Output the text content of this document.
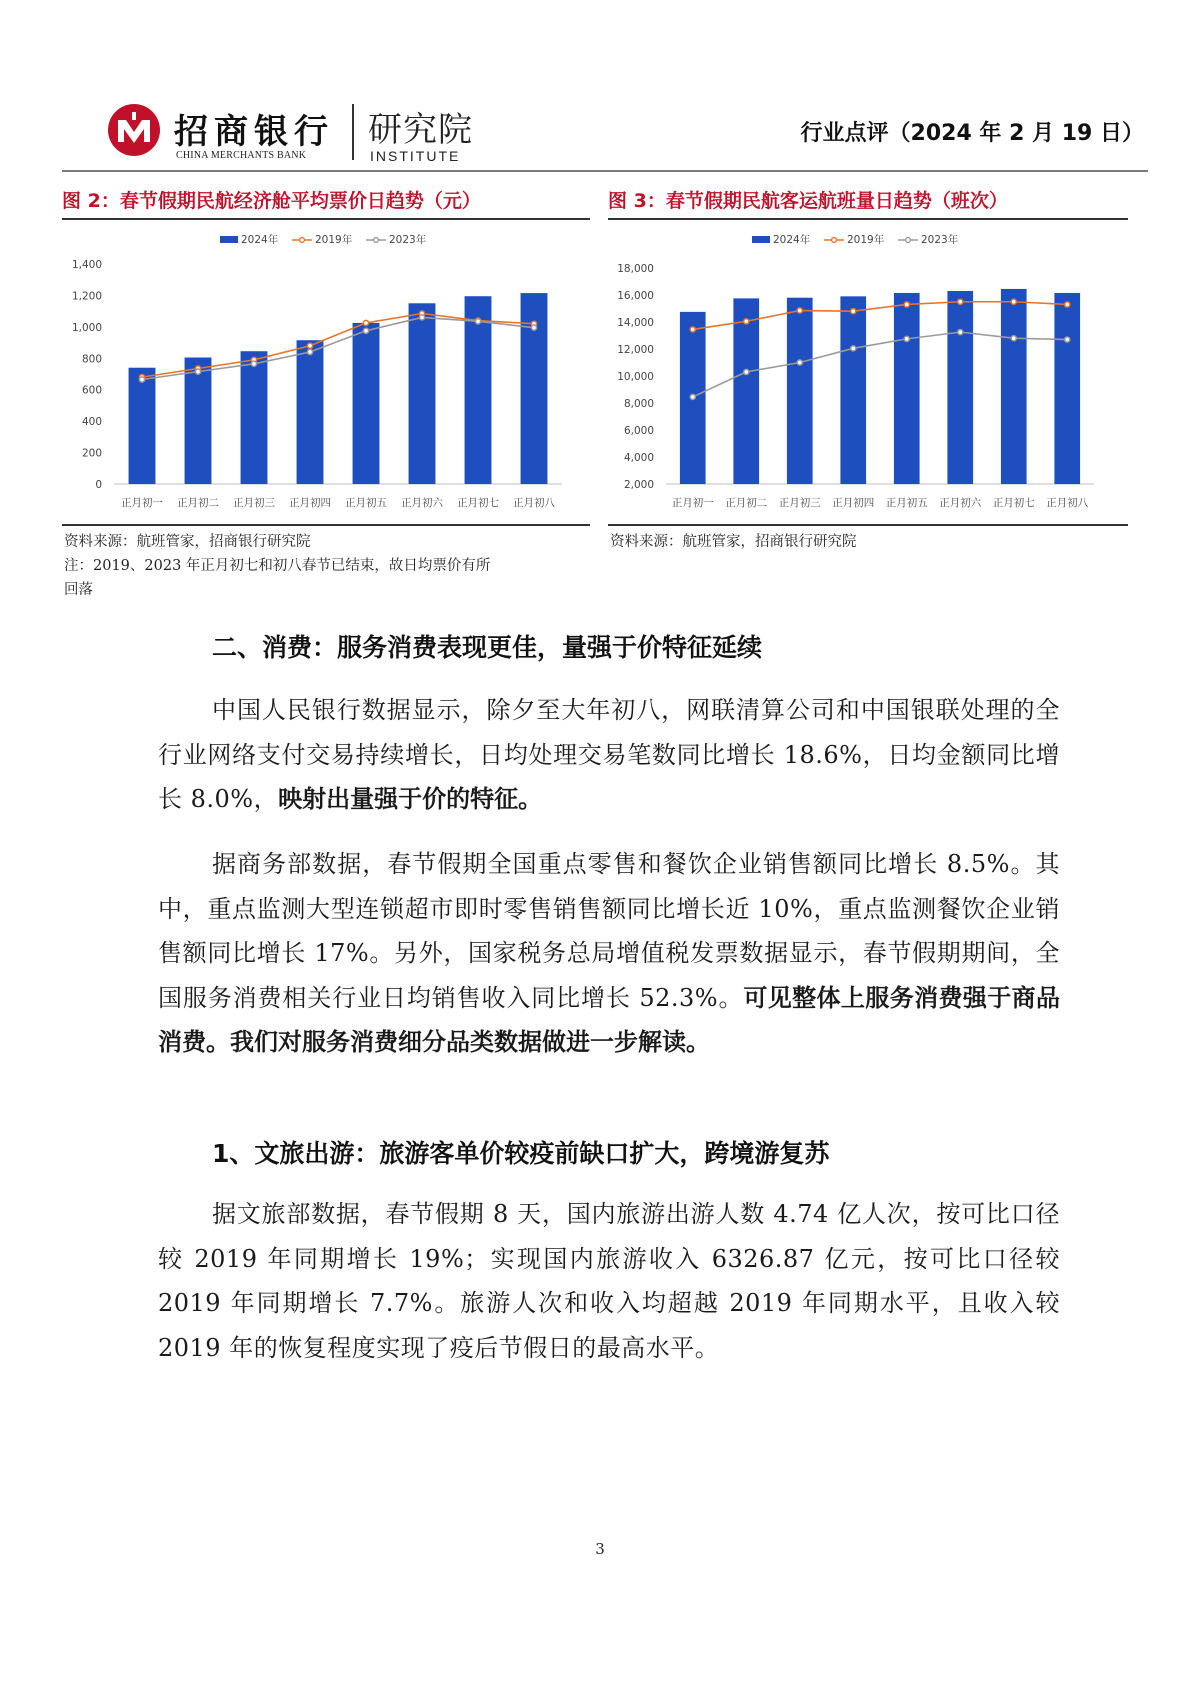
招商银行
CHINA MERCHANTS BANK
研究院
INSTITUTE
行业点评（2024 年 2 月 19 日）
图 2：春节假期民航经济舱平均票价日趋势（元）
0
200
400
600
800
1,000
1,200
1,400
正月初一 正月初二 正月初三 正月初四 正月初五 正月初六 正月初七 正月初八
2024年	2019年	2023年
资料来源：航班管家，招商银行研究院
注：2019、2023 年正月初七和初八春节已结束，故日均票价有所
回落
图 3：春节假期民航客运航班量日趋势（班次）
2,000
4,000
6,000
8,000
10,000
12,000
14,000
16,000
18,000
正月初一 正月初二 正月初三 正月初四 正月初五 正月初六 正月初七 正月初八
2024年	2019年	2023年
资料来源：航班管家，招商银行研究院
二、消费：服务消费表现更佳，量强于价特征延续
中国人民银行数据显示，除夕至大年初八，网联清算公司和中国银联处理的全行业网络支付交易持续增长，日均处理交易笔数同比增长 18.6%，日均金额同比增长 8.0%，映射出量强于价的特征。
据商务部数据，春节假期全国重点零售和餐饮企业销售额同比增长 8.5%。其中，重点监测大型连锁超市即时零售销售额同比增长近 10%，重点监测餐饮企业销售额同比增长 17%。另外，国家税务总局增值税发票数据显示，春节假期期间，全国服务消费相关行业日均销售收入同比增长 52.3%。可见整体上服务消费强于商品消费。我们对服务消费细分品类数据做进一步解读。
1、文旅出游：旅游客单价较疫前缺口扩大，跨境游复苏
据文旅部数据，春节假期 8 天，国内旅游出游人数 4.74 亿人次，按可比口径较 2019 年同期增长 19%；实现国内旅游收入 6326.87 亿元，按可比口径较 2019 年同期增长 7.7%。旅游人次和收入均超越 2019 年同期水平，且收入较 2019 年的恢复程度实现了疫后节假日的最高水平。
3
